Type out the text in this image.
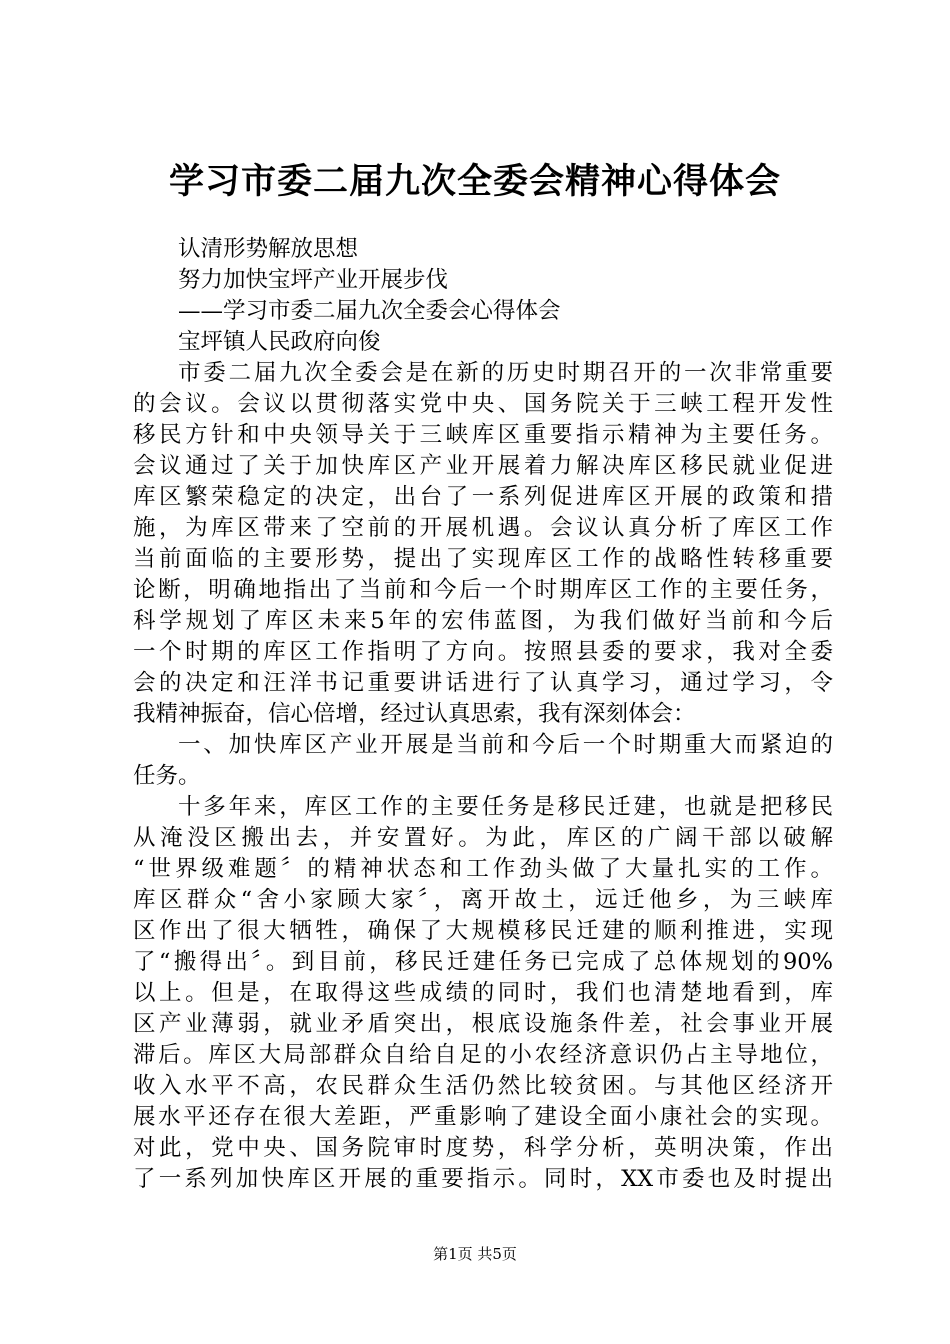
学习市委二届九次全委会精神心得体会
认清形势解放思想
努力加快宝坪产业开展步伐
——学习市委二届九次全委会心得体会
宝坪镇人民政府向俊
市委二届九次全委会是在新的历史时期召开的一次非常重要
的会议。会议以贯彻落实党中央、国务院关于三峡工程开发性
移民方针和中央领导关于三峡库区重要指示精神为主要任务。
会议通过了关于加快库区产业开展着力解决库区移民就业促进
库区繁荣稳定的决定，出台了一系列促进库区开展的政策和措
施，为库区带来了空前的开展机遇。会议认真分析了库区工作
当前面临的主要形势，提出了实现库区工作的战略性转移重要
论断，明确地指出了当前和今后一个时期库区工作的主要任务，
科学规划了库区未来5年的宏伟蓝图，为我们做好当前和今后
一个时期的库区工作指明了方向。按照县委的要求，我对全委
会的决定和汪洋书记重要讲话进行了认真学习，通过学习，令
我精神振奋，信心倍增，经过认真思索，我有深刻体会：
一、加快库区产业开展是当前和今后一个时期重大而紧迫的
任务。
十多年来，库区工作的主要任务是移民迁建，也就是把移民
从淹没区搬出去，并安置好。为此，库区的广阔干部以破解
“世界级难题〞的精神状态和工作劲头做了大量扎实的工作。
库区群众“舍小家顾大家〞，离开故土，远迁他乡，为三峡库
区作出了很大牺牲，确保了大规模移民迁建的顺利推进，实现
了“搬得出〞。到目前，移民迁建任务已完成了总体规划的90%
以上。但是，在取得这些成绩的同时，我们也清楚地看到，库
区产业薄弱，就业矛盾突出，根底设施条件差，社会事业开展
滞后。库区大局部群众自给自足的小农经济意识仍占主导地位，
收入水平不高，农民群众生活仍然比较贫困。与其他区经济开
展水平还存在很大差距，严重影响了建设全面小康社会的实现。
对此，党中央、国务院审时度势，科学分析，英明决策，作出
了一系列加快库区开展的重要指示。同时，XX市委也及时提出
第1页 共5页
